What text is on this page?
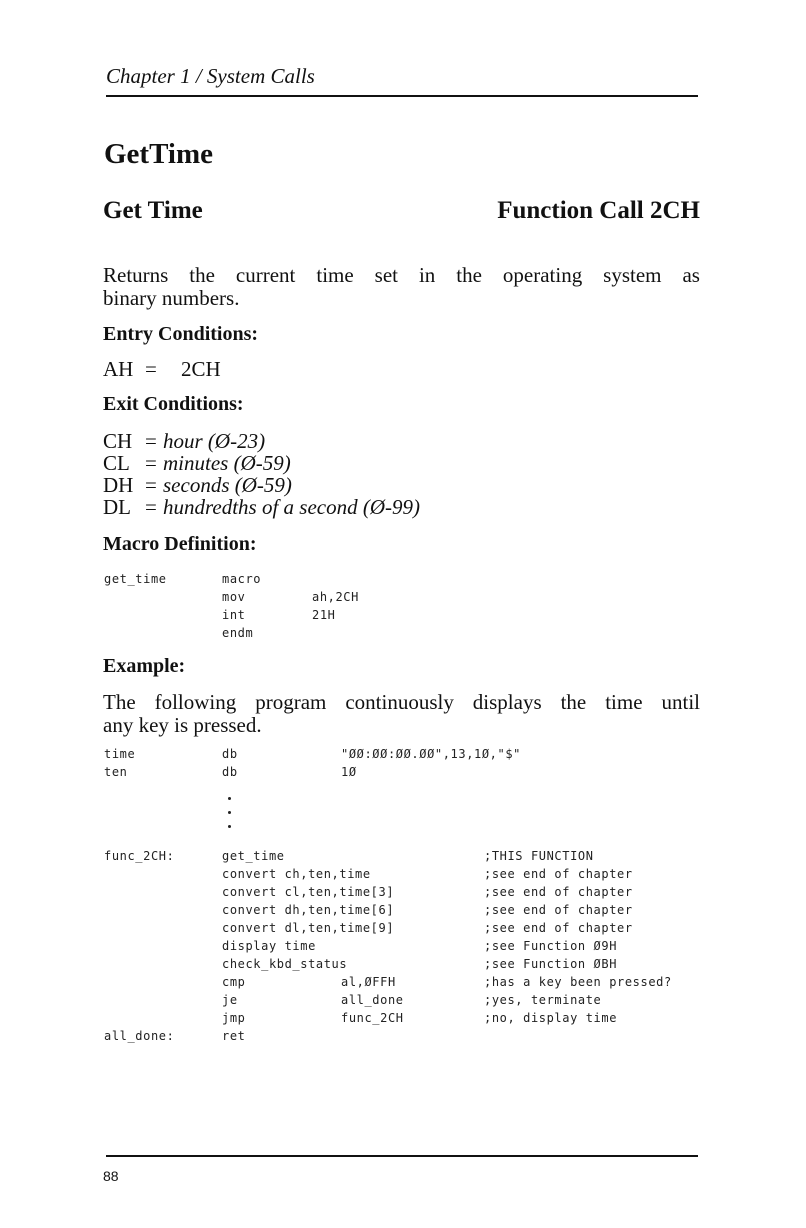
Chapter 1 / System Calls
GetTime
Get Time	Function Call 2CH
Returns the current time set in the operating system as
binary numbers.
Entry Conditions:
AH = 2CH
Exit Conditions:
CH = hour (Ø-23)
CL = minutes (Ø-59)
DH = seconds (Ø-59)
DL = hundredths of a second (Ø-99)
Macro Definition:
get_time	macro
mov	ah,2CH
int	21H
endm
Example:
The following program continuously displays the time until
any key is pressed.
time	db	"ØØ:ØØ:ØØ.ØØ",13,1Ø,"$"
ten	db	1Ø
func_2CH:	get_time	;THIS FUNCTION
convert ch,ten,time	;see end of chapter
convert cl,ten,time[3]	;see end of chapter
convert dh,ten,time[6]	;see end of chapter
convert dl,ten,time[9]	;see end of chapter
display time	;see Function Ø9H
check_kbd_status	;see Function ØBH
cmp	al,ØFFH	;has a key been pressed?
je	all_done	;yes, terminate
jmp	func_2CH	;no, display time
all_done:	ret
88
